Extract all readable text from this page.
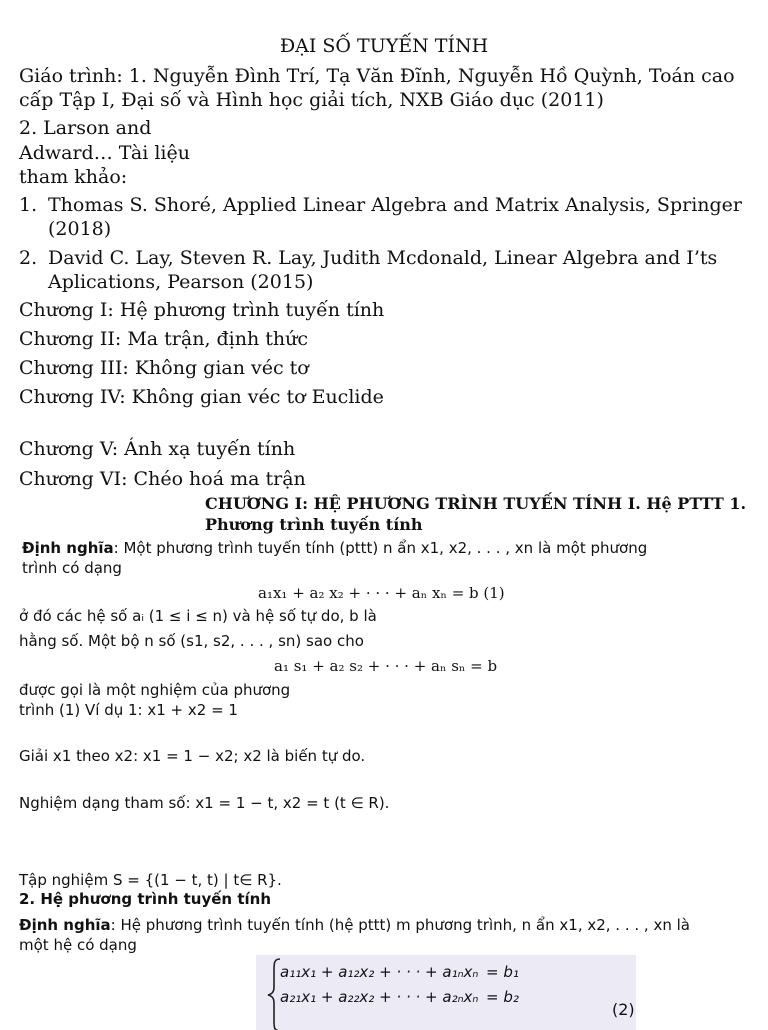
ĐẠI SỐ TUYẾN TÍNH
Giáo trình: 1. Nguyễn Đình Trí, Tạ Văn Đĩnh, Nguyễn Hồ Quỳnh, Toán cao
cấp Tập I, Đại số và Hình học giải tích, NXB Giáo dục (2011)
2. Larson and
Adward… Tài liệu
tham khảo:
1. Thomas S. Shoré, Applied Linear Algebra and Matrix Analysis, Springer
(2018)
2. David C. Lay, Steven R. Lay, Judith Mcdonald, Linear Algebra and I’ts
Aplications, Pearson (2015)
Chương I: Hệ phương trình tuyến tính
Chương II: Ma trận, định thức
Chương III: Không gian véc tơ
Chương IV: Không gian véc tơ Euclide
Chương V: Ánh xạ tuyến tính
Chương VI: Chéo hoá ma trận
CHƯƠNG I: HỆ PHƯƠNG TRÌNH TUYẾN TÍNH I. Hệ PTTT 1.
Phương trình tuyến tính
Định nghĩa: Một phương trình tuyến tính (pttt) n ẩn x1, x2, . . . , xn là một phương
trình có dạng
a₁x₁ + a₂ x₂ + · · · + aₙ xₙ = b (1)
ở đó các hệ số aᵢ (1 ≤ i ≤ n) và hệ số tự do, b là
hằng số. Một bộ n số (s1, s2, . . . , sn) sao cho
a₁ s₁ + a₂ s₂ + · · · + aₙ sₙ = b
được gọi là một nghiệm của phương
trình (1) Ví dụ 1: x1 + x2 = 1
Giải x1 theo x2: x1 = 1 − x2; x2 là biến tự do.
Nghiệm dạng tham số: x1 = 1 − t, x2 = t (t ∈ R).
Tập nghiệm S = {(1 − t, t) | t∈ R}.
2. Hệ phương trình tuyến tính
Định nghĩa: Hệ phương trình tuyến tính (hệ pttt) m phương trình, n ẩn x1, x2, . . . , xn là
một hệ có dạng
a₁₁x₁ + a₁₂x₂ + · · · + a₁ₙxₙ = b₁
a₂₁x₁ + a₂₂x₂ + · · · + a₂ₙxₙ = b₂
(2)
